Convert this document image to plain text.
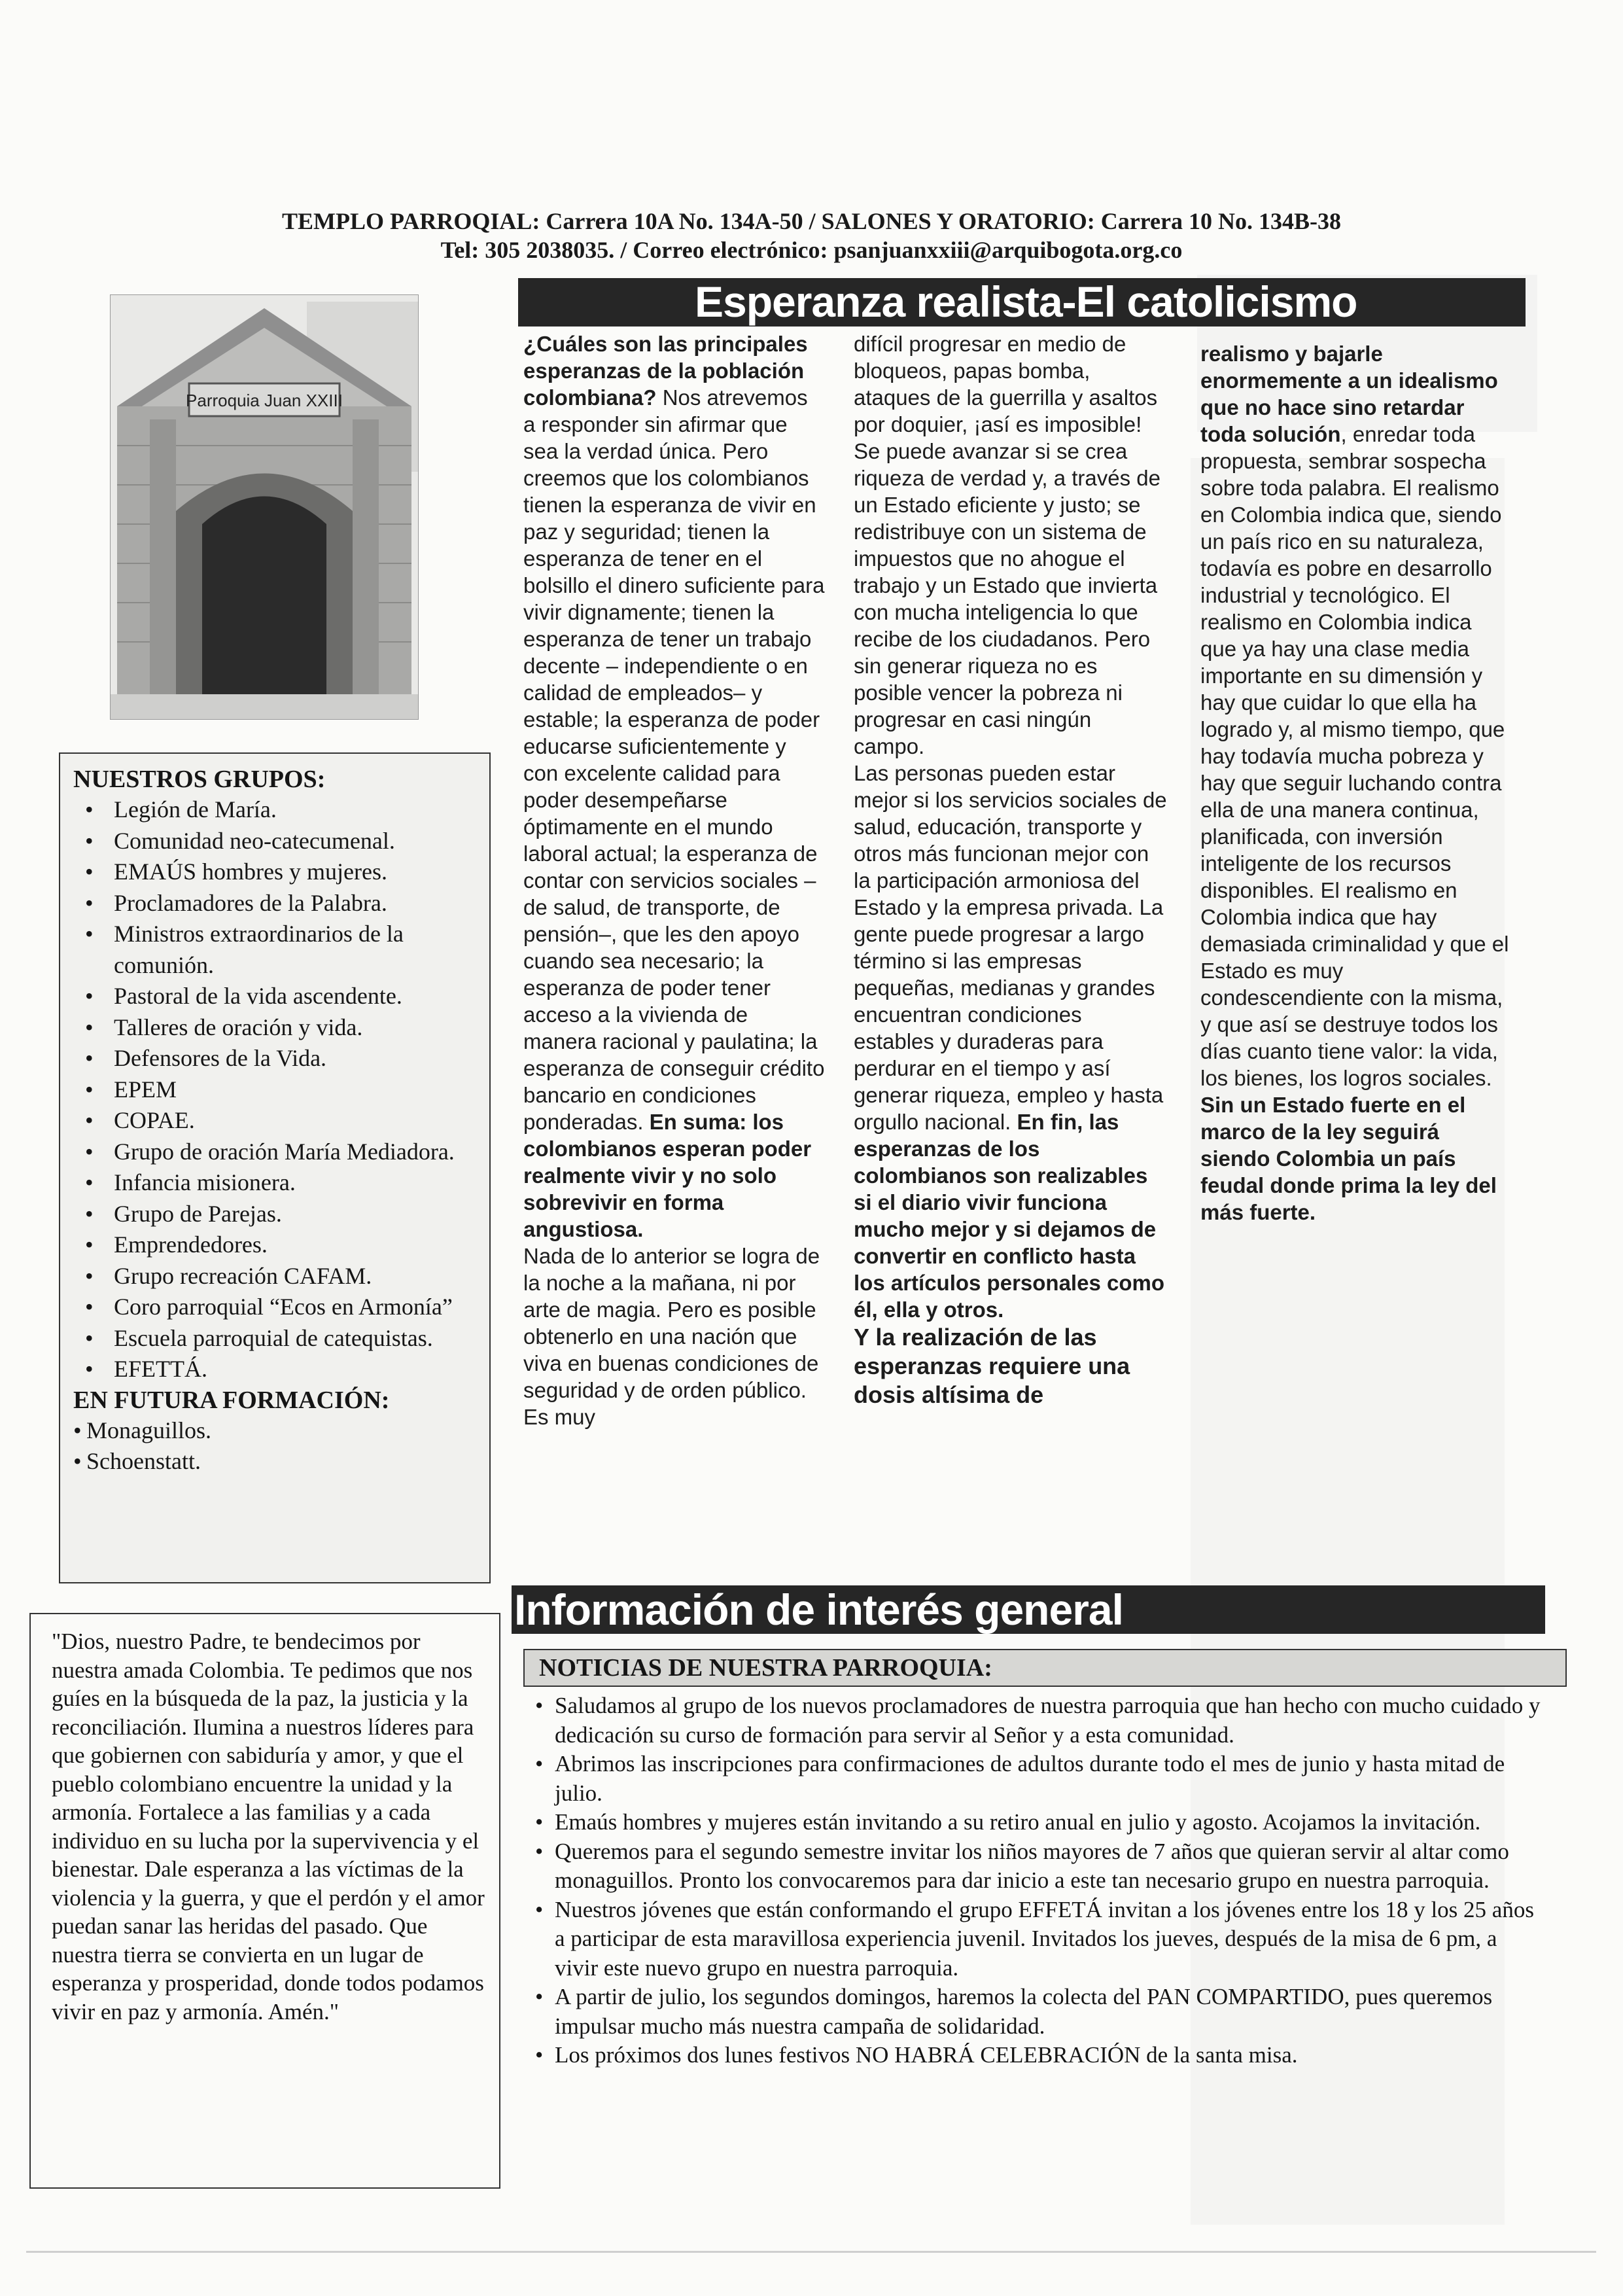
TEMPLO PARROQIAL: Carrera 10A No. 134A-50 / SALONES Y ORATORIO: Carrera 10 No. 134B-38
Tel: 305 2038035. / Correo electrónico: psanjuanxxiii@arquibogota.org.co
Parroquia Juan XXIII
Esperanza realista-El catolicismo

¿Cuáles son las principales esperanzas de la población colombiana? Nos atrevemos a responder sin afirmar que sea la verdad única. Pero creemos que los colombianos tienen la esperanza de vivir en paz y seguridad; tienen la esperanza de tener en el bolsillo el dinero suficiente para vivir dignamente; tienen la esperanza de tener un trabajo decente – independiente o en calidad de empleados– y estable; la esperanza de poder educarse suficientemente y con excelente calidad para poder desempeñarse óptimamente en el mundo laboral actual; la esperanza de contar con servicios sociales –de salud, de transporte, de pensión–, que les den apoyo cuando sea necesario; la esperanza de poder tener acceso a la vivienda de manera racional y paulatina; la esperanza de conseguir crédito bancario en condiciones ponderadas. En suma: los colombianos esperan poder realmente vivir y no solo sobrevivir en forma angustiosa.

Nada de lo anterior se logra de la noche a la mañana, ni por arte de magia. Pero es posible obtenerlo en una nación que viva en buenas condiciones de seguridad y de orden público. Es muy

difícil progresar en medio de bloqueos, papas bomba, ataques de la guerrilla y asaltos por doquier, ¡así es imposible!

Se puede avanzar si se crea riqueza de verdad y, a través de un Estado eficiente y justo; se redistribuye con un sistema de impuestos que no ahogue el trabajo y un Estado que invierta con mucha inteligencia lo que recibe de los ciudadanos. Pero sin generar riqueza no es posible vencer la pobreza ni progresar en casi ningún campo.

Las personas pueden estar mejor si los servicios sociales de salud, educación, transporte y otros más funcionan mejor con la participación armoniosa del Estado y la empresa privada. La gente puede progresar a largo término si las empresas pequeñas, medianas y grandes encuentran condiciones estables y duraderas para perdurar en el tiempo y así generar riqueza, empleo y hasta orgullo nacional. En fin, las esperanzas de los colombianos son realizables si el diario vivir funciona mucho mejor y si dejamos de convertir en conflicto hasta los artículos personales como él, ella y otros.

Y la realización de las esperanzas requiere una dosis altísima de

realismo y bajarle enormemente a un idealismo que no hace sino retardar toda solución, enredar toda propuesta, sembrar sospecha sobre toda palabra. El realismo en Colombia indica que, siendo un país rico en su naturaleza, todavía es pobre en desarrollo industrial y tecnológico. El realismo en Colombia indica que ya hay una clase media importante en su dimensión y hay que cuidar lo que ella ha logrado y, al mismo tiempo, que hay todavía mucha pobreza y hay que seguir luchando contra ella de una manera continua, planificada, con inversión inteligente de los recursos disponibles. El realismo en Colombia indica que hay demasiada criminalidad y que el Estado es muy condescendiente con la misma, y que así se destruye todos los días cuanto tiene valor: la vida, los bienes, los logros sociales. Sin un Estado fuerte en el marco de la ley seguirá siendo Colombia un país feudal donde prima la ley del más fuerte.

NUESTROS GRUPOS:
• Legión de María.
• Comunidad neo-catecumenal.
• EMAÚS hombres y mujeres.
• Proclamadores de la Palabra.
• Ministros extraordinarios de la comunión.
• Pastoral de la vida ascendente.
• Talleres de oración y vida.
• Defensores de la Vida.
• EPEM
• COPAE.
• Grupo de oración María Mediadora.
• Infancia misionera.
• Grupo de Parejas.
• Emprendedores.
• Grupo recreación CAFAM.
• Coro parroquial “Ecos en Armonía”
• Escuela parroquial de catequistas.
• EFETTÁ.
EN FUTURA FORMACIÓN:
• Monaguillos.
• Schoenstatt.
"Dios, nuestro Padre, te bendecimos por nuestra amada Colombia. Te pedimos que nos guíes en la búsqueda de la paz, la justicia y la reconciliación. Ilumina a nuestros líderes para que gobiernen con sabiduría y amor, y que el pueblo colombiano encuentre la unidad y la armonía. Fortalece a las familias y a cada individuo en su lucha por la supervivencia y el bienestar. Dale esperanza a las víctimas de la violencia y la guerra, y que el perdón y el amor puedan sanar las heridas del pasado. Que nuestra tierra se convierta en un lugar de esperanza y prosperidad, donde todos podamos vivir en paz y armonía. Amén."
Información de interés general
NOTICIAS DE NUESTRA PARROQUIA:
• Saludamos al grupo de los nuevos proclamadores de nuestra parroquia que han hecho con mucho cuidado y dedicación su curso de formación para servir al Señor y a esta comunidad.
• Abrimos las inscripciones para confirmaciones de adultos durante todo el mes de junio y hasta mitad de julio.
• Emaús hombres y mujeres están invitando a su retiro anual en julio y agosto. Acojamos la invitación.
• Queremos para el segundo semestre invitar los niños mayores de 7 años que quieran servir al altar como monaguillos. Pronto los convocaremos para dar inicio a este tan necesario grupo en nuestra parroquia.
• Nuestros jóvenes que están conformando el grupo EFFETÁ invitan a los jóvenes entre los 18 y los 25 años a participar de esta maravillosa experiencia juvenil. Invitados los jueves, después de la misa de 6 pm, a vivir este nuevo grupo en nuestra parroquia.
• A partir de julio, los segundos domingos, haremos la colecta del PAN COMPARTIDO, pues queremos impulsar mucho más nuestra campaña de solidaridad.
• Los próximos dos lunes festivos NO HABRÁ CELEBRACIÓN de la santa misa.
